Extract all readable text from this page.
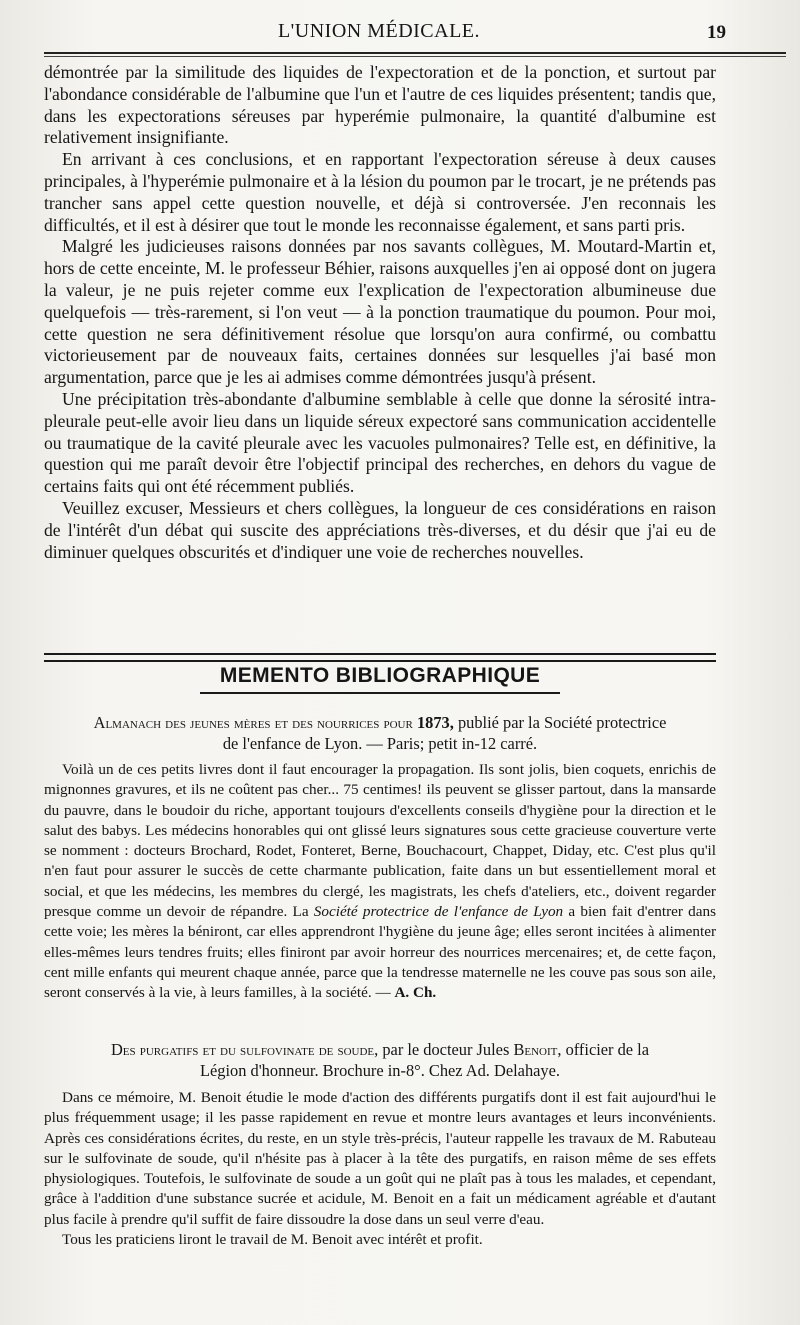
L'UNION MÉDICALE.	19

démontrée par la similitude des liquides de l'expectoration et de la ponction, et surtout par l'abondance considérable de l'albumine que l'un et l'autre de ces liquides présentent; tandis que, dans les expectorations séreuses par hyperémie pulmonaire, la quantité d'albumine est relativement insignifiante.

En arrivant à ces conclusions, et en rapportant l'expectoration séreuse à deux causes principales, à l'hyperémie pulmonaire et à la lésion du poumon par le trocart, je ne prétends pas trancher sans appel cette question nouvelle, et déjà si controversée. J'en reconnais les difficultés, et il est à désirer que tout le monde les reconnaisse également, et sans parti pris.

Malgré les judicieuses raisons données par nos savants collègues, M. Moutard-Martin et, hors de cette enceinte, M. le professeur Béhier, raisons auxquelles j'en ai opposé dont on jugera la valeur, je ne puis rejeter comme eux l'explication de l'expectoration albumineuse due quelquefois — très-rarement, si l'on veut — à la ponction traumatique du poumon. Pour moi, cette question ne sera définitivement résolue que lorsqu'on aura confirmé, ou combattu victorieusement par de nouveaux faits, certaines données sur lesquelles j'ai basé mon argumentation, parce que je les ai admises comme démontrées jusqu'à présent.

Une précipitation très-abondante d'albumine semblable à celle que donne la sérosité intra-pleurale peut-elle avoir lieu dans un liquide séreux expectoré sans communication accidentelle ou traumatique de la cavité pleurale avec les vacuoles pulmonaires? Telle est, en définitive, la question qui me paraît devoir être l'objectif principal des recherches, en dehors du vague de certains faits qui ont été récemment publiés.

Veuillez excuser, Messieurs et chers collègues, la longueur de ces considérations en raison de l'intérêt d'un débat qui suscite des appréciations très-diverses, et du désir que j'ai eu de diminuer quelques obscurités et d'indiquer une voie de recherches nouvelles.

MEMENTO BIBLIOGRAPHIQUE
Almanach des jeunes mères et des nourrices pour 1873, publié par la Société protectrice
de l'enfance de Lyon. — Paris; petit in-12 carré.

Voilà un de ces petits livres dont il faut encourager la propagation. Ils sont jolis, bien coquets, enrichis de mignonnes gravures, et ils ne coûtent pas cher... 75 centimes! ils peuvent se glisser partout, dans la mansarde du pauvre, dans le boudoir du riche, apportant toujours d'excellents conseils d'hygiène pour la direction et le salut des babys. Les médecins honorables qui ont glissé leurs signatures sous cette gracieuse couverture verte se nomment : docteurs Brochard, Rodet, Fonteret, Berne, Bouchacourt, Chappet, Diday, etc. C'est plus qu'il n'en faut pour assurer le succès de cette charmante publication, faite dans un but essentiellement moral et social, et que les médecins, les membres du clergé, les magistrats, les chefs d'ateliers, etc., doivent regarder presque comme un devoir de répandre. La Société protectrice de l'enfance de Lyon a bien fait d'entrer dans cette voie; les mères la béniront, car elles apprendront l'hygiène du jeune âge; elles seront incitées à alimenter elles-mêmes leurs tendres fruits; elles finiront par avoir horreur des nourrices mercenaires; et, de cette façon, cent mille enfants qui meurent chaque année, parce que la tendresse maternelle ne les couve pas sous son aile, seront conservés à la vie, à leurs familles, à la société. — A. Ch.

Des purgatifs et du sulfovinate de soude, par le docteur Jules Benoit, officier de la
Légion d'honneur. Brochure in-8°. Chez Ad. Delahaye.

Dans ce mémoire, M. Benoit étudie le mode d'action des différents purgatifs dont il est fait aujourd'hui le plus fréquemment usage; il les passe rapidement en revue et montre leurs avantages et leurs inconvénients. Après ces considérations écrites, du reste, en un style très-précis, l'auteur rappelle les travaux de M. Rabuteau sur le sulfovinate de soude, qu'il n'hésite pas à placer à la tête des purgatifs, en raison même de ses effets physiologiques. Toutefois, le sulfovinate de soude a un goût qui ne plaît pas à tous les malades, et cependant, grâce à l'addition d'une substance sucrée et acidule, M. Benoit en a fait un médicament agréable et d'autant plus facile à prendre qu'il suffit de faire dissoudre la dose dans un seul verre d'eau.

Tous les praticiens liront le travail de M. Benoit avec intérêt et profit.
